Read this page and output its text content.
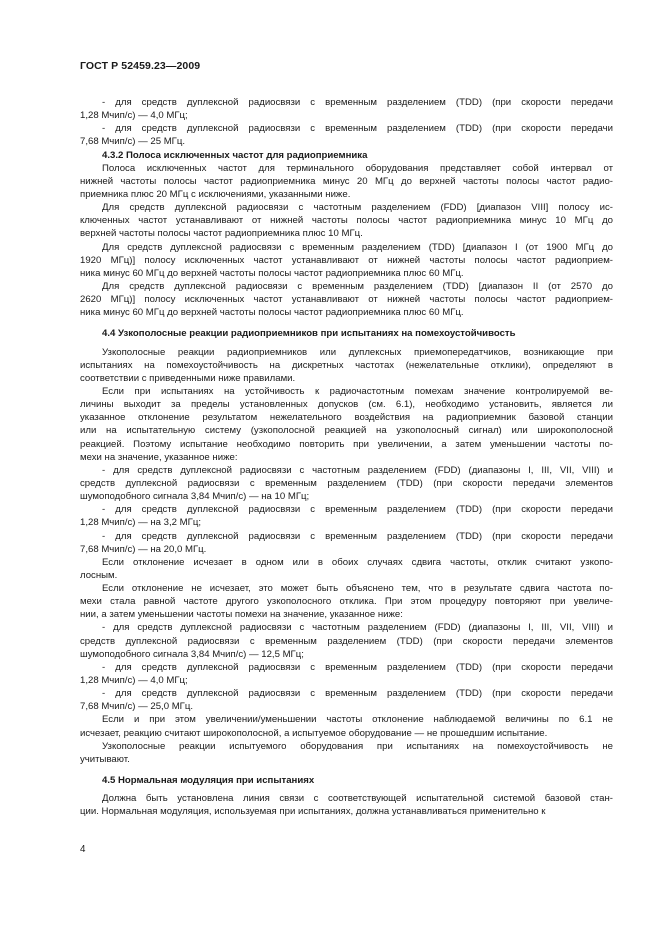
ГОСТ Р 52459.23—2009
- для средств дуплексной радиосвязи с временным разделением (TDD) (при скорости передачи
1,28 Мчип/с) — 4,0 МГц;
- для средств дуплексной радиосвязи с временным разделением (TDD) (при скорости передачи
7,68 Мчип/с) — 25 МГц.
4.3.2 Полоса исключенных частот для радиоприемника
Полоса исключенных частот для терминального оборудования представляет собой интервал от
нижней частоты полосы частот радиоприемника минус 20 МГц до верхней частоты полосы частот радио-
приемника плюс 20 МГц с исключениями, указанными ниже.
Для средств дуплексной радиосвязи с частотным разделением (FDD) [диапазон VIII] полосу ис-
ключенных частот устанавливают от нижней частоты полосы частот радиоприемника минус 10 МГц до
верхней частоты полосы частот радиоприемника плюс 10 МГц.
Для средств дуплексной радиосвязи с временным разделением (TDD) [диапазон I (от 1900 МГц до
1920 МГц)] полосу исключенных частот устанавливают от нижней частоты полосы частот радиоприем-
ника минус 60 МГц до верхней частоты полосы частот радиоприемника плюс 60 МГц.
Для средств дуплексной радиосвязи с временным разделением (TDD) [диапазон II (от 2570 до
2620 МГц)] полосу исключенных частот устанавливают от нижней частоты полосы частот радиоприем-
ника минус 60 МГц до верхней частоты полосы частот радиоприемника плюс 60 МГц.
4.4 Узкополосные реакции радиоприемников при испытаниях на помехоустойчивость
Узкополосные реакции радиоприемников или дуплексных приемопередатчиков, возникающие при
испытаниях на помехоустойчивость на дискретных частотах (нежелательные отклики), определяют в
соответствии с приведенными ниже правилами.
Если при испытаниях на устойчивость к радиочастотным помехам значение контролируемой ве-
личины выходит за пределы установленных допусков (см. 6.1), необходимо установить, является ли
указанное отклонение результатом нежелательного воздействия на радиоприемник базовой станции
или на испытательную систему (узкополосной реакцией на узкополосный сигнал) или широкополосной
реакцией. Поэтому испытание необходимо повторить при увеличении, а затем уменьшении частоты по-
мехи на значение, указанное ниже:
- для средств дуплексной радиосвязи с частотным разделением (FDD) (диапазоны I, III, VII, VIII) и
средств дуплексной радиосвязи с временным разделением (TDD) (при скорости передачи элементов
шумоподобного сигнала 3,84 Мчип/с) — на 10 МГц;
- для средств дуплексной радиосвязи с временным разделением (TDD) (при скорости передачи
1,28 Мчип/с) — на 3,2 МГц;
- для средств дуплексной радиосвязи с временным разделением (TDD) (при скорости передачи
7,68 Мчип/с) — на 20,0 МГц.
Если отклонение исчезает в одном или в обоих случаях сдвига частоты, отклик считают узкопо-
лосным.
Если отклонение не исчезает, это может быть объяснено тем, что в результате сдвига частота по-
мехи стала равной частоте другого узкополосного отклика. При этом процедуру повторяют при увеличе-
нии, а затем уменьшении частоты помехи на значение, указанное ниже:
- для средств дуплексной радиосвязи с частотным разделением (FDD) (диапазоны I, III, VII, VIII) и
средств дуплексной радиосвязи с временным разделением (TDD) (при скорости передачи элементов
шумоподобного сигнала 3,84 Мчип/с) — 12,5 МГц;
- для средств дуплексной радиосвязи с временным разделением (TDD) (при скорости передачи
1,28 Мчип/с) — 4,0 МГц;
- для средств дуплексной радиосвязи с временным разделением (TDD) (при скорости передачи
7,68 Мчип/с) — 25,0 МГц.
Если и при этом увеличении/уменьшении частоты отклонение наблюдаемой величины по 6.1 не
исчезает, реакцию считают широкополосной, а испытуемое оборудование — не прошедшим испытание.
Узкополосные реакции испытуемого оборудования при испытаниях на помехоустойчивость не
учитывают.
4.5 Нормальная модуляция при испытаниях
Должна быть установлена линия связи с соответствующей испытательной системой базовой стан-
ции. Нормальная модуляция, используемая при испытаниях, должна устанавливаться применительно к
4
